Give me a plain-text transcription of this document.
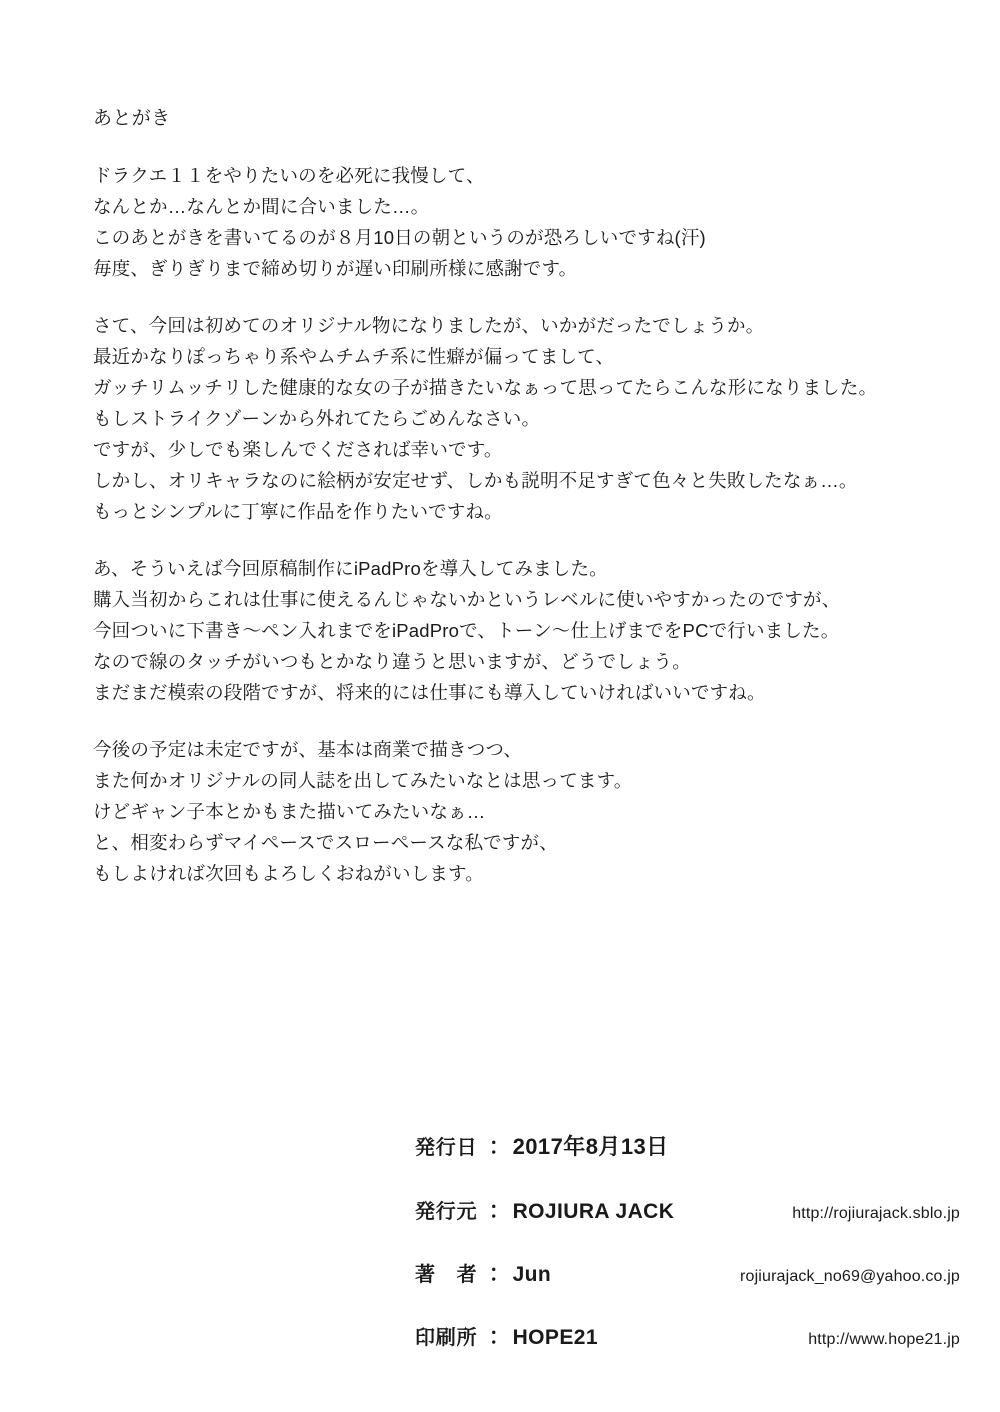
あとがき
ドラクエ１１をやりたいのを必死に我慢して、
なんとか…なんとか間に合いました…。
このあとがきを書いてるのが８月10日の朝というのが恐ろしいですね(汗)
毎度、ぎりぎりまで締め切りが遅い印刷所様に感謝です。
さて、今回は初めてのオリジナル物になりましたが、いかがだったでしょうか。
最近かなりぽっちゃり系やムチムチ系に性癖が偏ってまして、
ガッチリムッチリした健康的な女の子が描きたいなぁって思ってたらこんな形になりました。
もしストライクゾーンから外れてたらごめんなさい。
ですが、少しでも楽しんでくだされば幸いです。
しかし、オリキャラなのに絵柄が安定せず、しかも説明不足すぎて色々と失敗したなぁ…。
もっとシンプルに丁寧に作品を作りたいですね。
あ、そういえば今回原稿制作にiPadProを導入してみました。
購入当初からこれは仕事に使えるんじゃないかというレベルに使いやすかったのですが、
今回ついに下書き〜ペン入れまでをiPadProで、トーン〜仕上げまでをPCで行いました。
なので線のタッチがいつもとかなり違うと思いますが、どうでしょう。
まだまだ模索の段階ですが、将来的には仕事にも導入していければいいですね。
今後の予定は未定ですが、基本は商業で描きつつ、
また何かオリジナルの同人誌を出してみたいなとは思ってます。
けどギャン子本とかもまた描いてみたいなぁ…
と、相変わらずマイペースでスローペースな私ですが、
もしよければ次回もよろしくおねがいします。
発行日 ： 2017年8月13日
発行元 ： ROJIURA JACK	http://rojiurajack.sblo.jp
著　者 ： Jun	rojiurajack_no69@yahoo.co.jp
印刷所 ： HOPE21	http://www.hope21.jp
